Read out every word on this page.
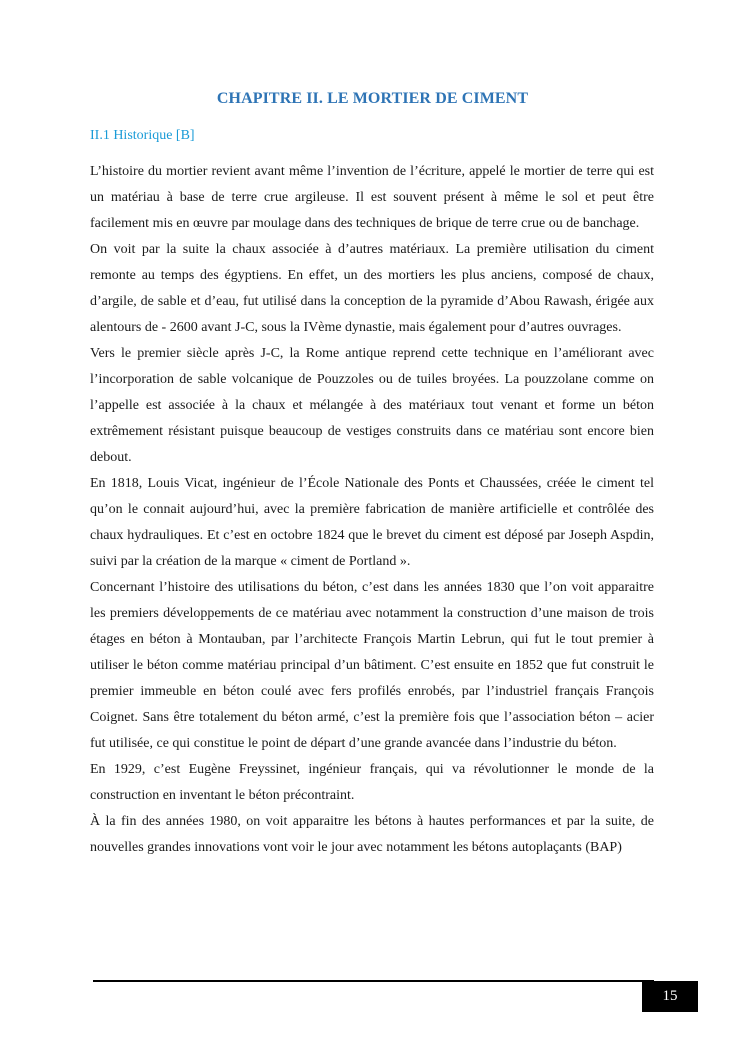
CHAPITRE II. LE MORTIER DE CIMENT
II.1 Historique [B]

L’histoire du mortier revient avant même l’invention de l’écriture, appelé le mortier de terre qui est un matériau à base de terre crue argileuse. Il est souvent présent à même le sol et peut être facilement mis en œuvre par moulage dans des techniques de brique de terre crue ou de banchage.

On voit par la suite la chaux associée à d’autres matériaux. La première utilisation du ciment remonte au temps des égyptiens. En effet, un des mortiers les plus anciens, composé de chaux, d’argile, de sable et d’eau, fut utilisé dans la conception de la pyramide d’Abou Rawash, érigée aux alentours de - 2600 avant J-C, sous la IVème dynastie, mais également pour d’autres ouvrages.

Vers le premier siècle après J-C, la Rome antique reprend cette technique en l’améliorant avec l’incorporation de sable volcanique de Pouzzoles ou de tuiles broyées. La pouzzolane comme on l’appelle est associée à la chaux et mélangée à des matériaux tout venant et forme un béton extrêmement résistant puisque beaucoup de vestiges construits dans ce matériau sont encore bien debout.

En 1818, Louis Vicat, ingénieur de l’École Nationale des Ponts et Chaussées, créée le ciment tel qu’on le connait aujourd’hui, avec la première fabrication de manière artificielle et contrôlée des chaux hydrauliques. Et c’est en octobre 1824 que le brevet du ciment est déposé par Joseph Aspdin, suivi par la création de la marque « ciment de Portland ».

Concernant l’histoire des utilisations du béton, c’est dans les années 1830 que l’on voit apparaitre les premiers développements de ce matériau avec notamment la construction d’une maison de trois étages en béton à Montauban, par l’architecte François Martin Lebrun, qui fut le tout premier à utiliser le béton comme matériau principal d’un bâtiment. C’est ensuite en 1852 que fut construit le premier immeuble en béton coulé avec fers profilés enrobés, par l’industriel français François Coignet. Sans être totalement du béton armé, c’est la première fois que l’association béton – acier fut utilisée, ce qui constitue le point de départ d’une grande avancée dans l’industrie du béton.

En 1929, c’est Eugène Freyssinet, ingénieur français, qui va révolutionner le monde de la construction en inventant le béton précontraint.

À la fin des années 1980, on voit apparaitre les bétons à hautes performances et par la suite, de nouvelles grandes innovations vont voir le jour avec notamment les bétons autoplaçants (BAP)

15
